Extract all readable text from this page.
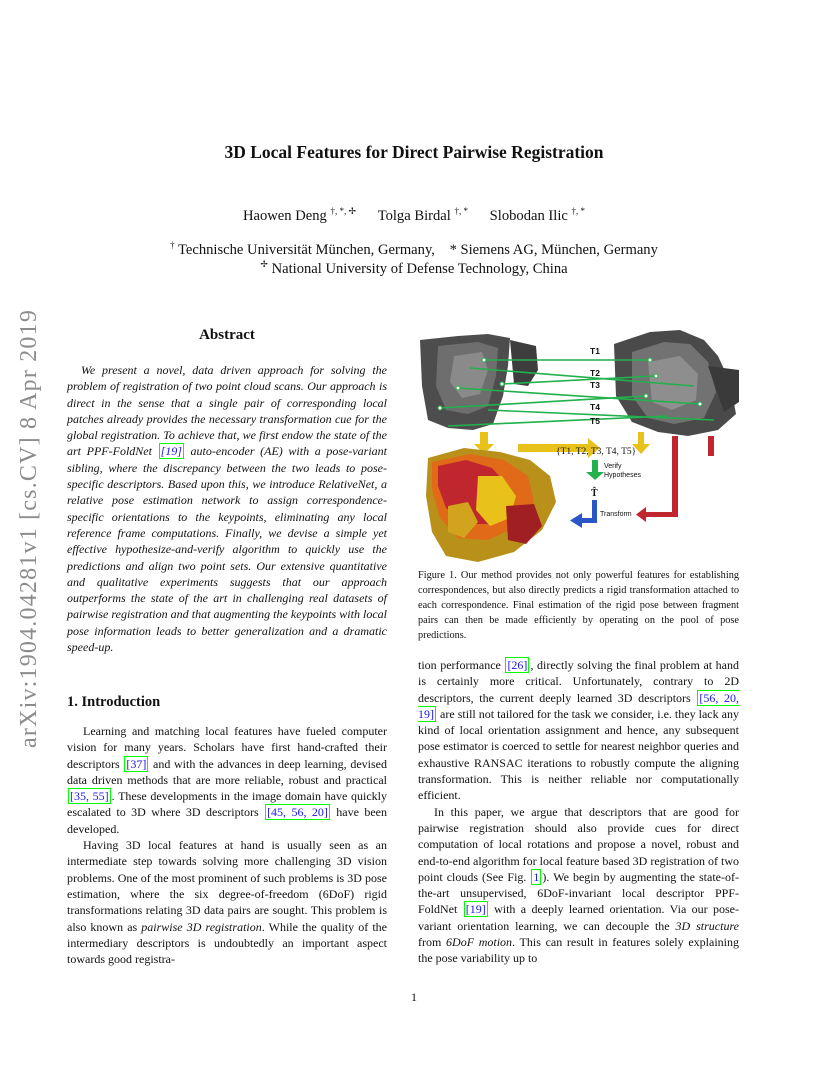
arXiv:1904.04281v1 [cs.CV] 8 Apr 2019
3D Local Features for Direct Pairwise Registration
Haowen Deng †, *, ✢ Tolga Birdal †, * Slobodan Ilic †, *
† Technische Universität München, Germany, * Siemens AG, München, Germany
✢ National University of Defense Technology, China
Abstract

We present a novel, data driven approach for solving the problem of registration of two point cloud scans. Our approach is direct in the sense that a single pair of corresponding local patches already provides the necessary transformation cue for the global registration. To achieve that, we first endow the state of the art PPF-FoldNet [19] auto-encoder (AE) with a pose-variant sibling, where the discrepancy between the two leads to pose-specific descriptors. Based upon this, we introduce RelativeNet, a relative pose estimation network to assign correspondence-specific orientations to the keypoints, eliminating any local reference frame computations. Finally, we devise a simple yet effective hypothesize-and-verify algorithm to quickly use the predictions and align two point sets. Our extensive quantitative and qualitative experiments suggests that our approach outperforms the state of the art in challenging real datasets of pairwise registration and that augmenting the keypoints with local pose information leads to better generalization and a dramatic speed-up.

1. Introduction

Learning and matching local features have fueled computer vision for many years. Scholars have first hand-crafted their descriptors [37] and with the advances in deep learning, devised data driven methods that are more reliable, robust and practical [35, 55] . These developments in the image domain have quickly escalated to 3D where 3D descriptors [45, 56, 20] have been developed.

Having 3D local features at hand is usually seen as an intermediate step towards solving more challenging 3D vision problems. One of the most prominent of such problems is 3D pose estimation, where the six degree-of-freedom (6DoF) rigid transformations relating 3D data pairs are sought. This problem is also known as pairwise 3D registration. While the quality of the intermediary descriptors is undoubtedly an important aspect towards good registra-

T1
T2
T3
T4
T5
{T1, T2, T3, T4, T5}
Verify
Hypotheses
T̂
Transform

Figure 1. Our method provides not only powerful features for establishing correspondences, but also directly predicts a rigid transformation attached to each correspondence. Final estimation of the rigid pose between fragment pairs can then be made efficiently by operating on the pool of pose predictions.

tion performance [26] , directly solving the final problem at hand is certainly more critical. Unfortunately, contrary to 2D descriptors, the current deeply learned 3D descriptors [56, 20, 19] are still not tailored for the task we consider, i.e. they lack any kind of local orientation assignment and hence, any subsequent pose estimator is coerced to settle for nearest neighbor queries and exhaustive RANSAC iterations to robustly compute the aligning transformation. This is neither reliable nor computationally efficient.

In this paper, we argue that descriptors that are good for pairwise registration should also provide cues for direct computation of local rotations and propose a novel, robust and end-to-end algorithm for local feature based 3D registration of two point clouds (See Fig. 1 ). We begin by augmenting the state-of-the-art unsupervised, 6DoF-invariant local descriptor PPF-FoldNet [19] with a deeply learned orientation. Via our pose-variant orientation learning, we can decouple the 3D structure from 6DoF motion. This can result in features solely explaining the pose variability up to

1
